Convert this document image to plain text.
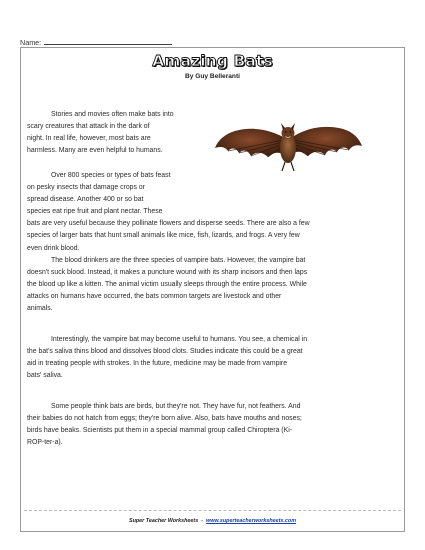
Name:
Amazing Bats
By Guy Belleranti

Stories and movies often make bats into
scary creatures that attack in the dark of
night. In real life, however, most bats are
harmless. Many are even helpful to humans.

Over 800 species or types of bats feast
on pesky insects that damage crops or
spread disease. Another 400 or so bat
species eat ripe fruit and plant nectar. These
bats are very useful because they pollinate flowers and disperse seeds. There are also a few
species of larger bats that hunt small animals like mice, fish, lizards, and frogs. A very few
even drink blood.

The blood drinkers are the three species of vampire bats. However, the vampire bat
doesn't suck blood. Instead, it makes a puncture wound with its sharp incisors and then laps
the blood up like a kitten. The animal victim usually sleeps through the entire process. While
attacks on humans have occurred, the bats common targets are livestock and other
animals.

Interestingly, the vampire bat may become useful to humans. You see, a chemical in
the bat's saliva thins blood and dissolves blood clots. Studies indicate this could be a great
aid in treating people with strokes. In the future, medicine may be made from vampire
bats' saliva.

Some people think bats are birds, but they're not. They have fur, not feathers. And
their babies do not hatch from eggs; they're born alive. Also, bats have mouths and noses;
birds have beaks. Scientists put them in a special mammal group called Chiroptera (Ki-
ROP-ter-a).

Super Teacher Worksheets - www.superteacherworksheets.com
